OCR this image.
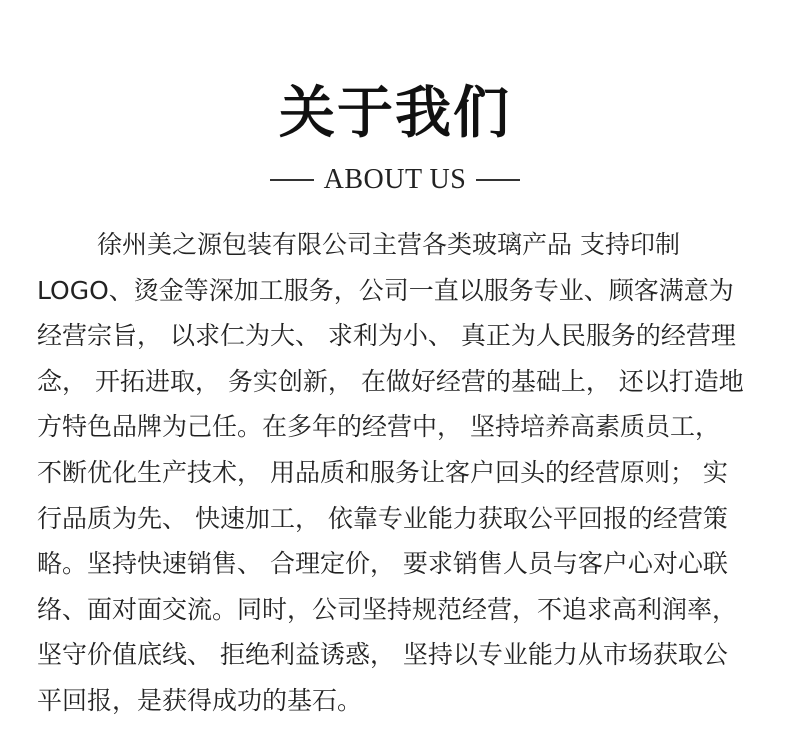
关于我们
ABOUT US
徐州美之源包装有限公司主营各类玻璃产品 支持印制
LOGO、烫金等深加工服务，公司一直以服务专业、顾客满意为
经营宗旨， 以求仁为大、 求利为小、 真正为人民服务的经营理
念， 开拓进取， 务实创新， 在做好经营的基础上， 还以打造地
方特色品牌为己任。在多年的经营中， 坚持培养高素质员工，
不断优化生产技术， 用品质和服务让客户回头的经营原则； 实
行品质为先、 快速加工， 依靠专业能力获取公平回报的经营策
略。坚持快速销售、 合理定价， 要求销售人员与客户心对心联
络、面对面交流。同时，公司坚持规范经营，不追求高利润率，
坚守价值底线、 拒绝利益诱惑， 坚持以专业能力从市场获取公
平回报，是获得成功的基石。
